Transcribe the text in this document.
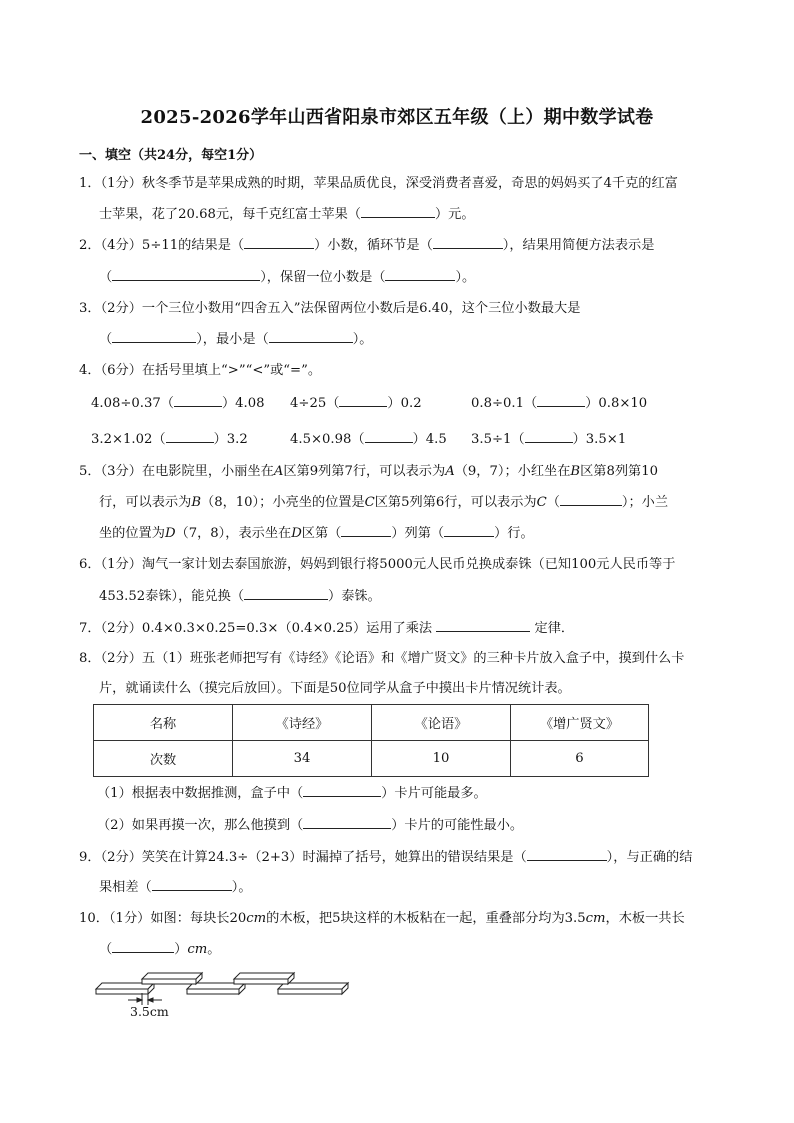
2025-2026学年山西省阳泉市郊区五年级（上）期中数学试卷
一、填空（共24分，每空1分）
1．（1分）秋冬季节是苹果成熟的时期，苹果品质优良，深受消费者喜爱，奇思的妈妈买了4千克的红富
士苹果，花了20.68元，每千克红富士苹果（	）元。
2．（4分）5÷11的结果是（	）小数，循环节是（	），结果用简便方法表示是
（	），保留一位小数是（	）。
3．（2分）一个三位小数用“四舍五入”法保留两位小数后是6.40，这个三位小数最大是
（	），最小是（	）。
4．（6分）在括号里填上“>”“<”或“=”。
4.08÷0.37（	）4.08 4÷25（	）0.2	0.8÷0.1（	）0.8×10
3.2×1.02（	）3.2	4.5×0.98（	）4.5 3.5÷1（	）3.5×1
5．（3分）在电影院里，小丽坐在A区第9列第7行，可以表示为A（9，7）；小红坐在B区第8列第10
行，可以表示为B（8，10）；小亮坐的位置是C区第5列第6行，可以表示为C（	）；小兰
坐的位置为D（7，8），表示坐在D区第（	）列第（	）行。
6．（1分）淘气一家计划去泰国旅游，妈妈到银行将5000元人民币兑换成泰铢（已知100元人民币等于
453.52泰铢），能兑换（	）泰铢。
7．（2分）0.4×0.3×0.25=0.3×（0.4×0.25）运用了乘法	定律．
8．（2分）五（1）班张老师把写有《诗经》《论语》和《增广贤文》的三种卡片放入盒子中，摸到什么卡
片，就诵读什么（摸完后放回）。下面是50位同学从盒子中摸出卡片情况统计表。
名称	《诗经》	《论语》	《增广贤文》
次数	34	10	6
（1）根据表中数据推测，盒子中（	）卡片可能最多。
（2）如果再摸一次，那么他摸到（	）卡片的可能性最小。
9．（2分）笑笑在计算24.3÷（2+3）时漏掉了括号，她算出的错误结果是（	），与正确的结
果相差（	）。
10．（1分）如图：每块长20cm的木板，把5块这样的木板粘在一起，重叠部分均为3.5cm，木板一共长
（	）cm。
3.5cm
